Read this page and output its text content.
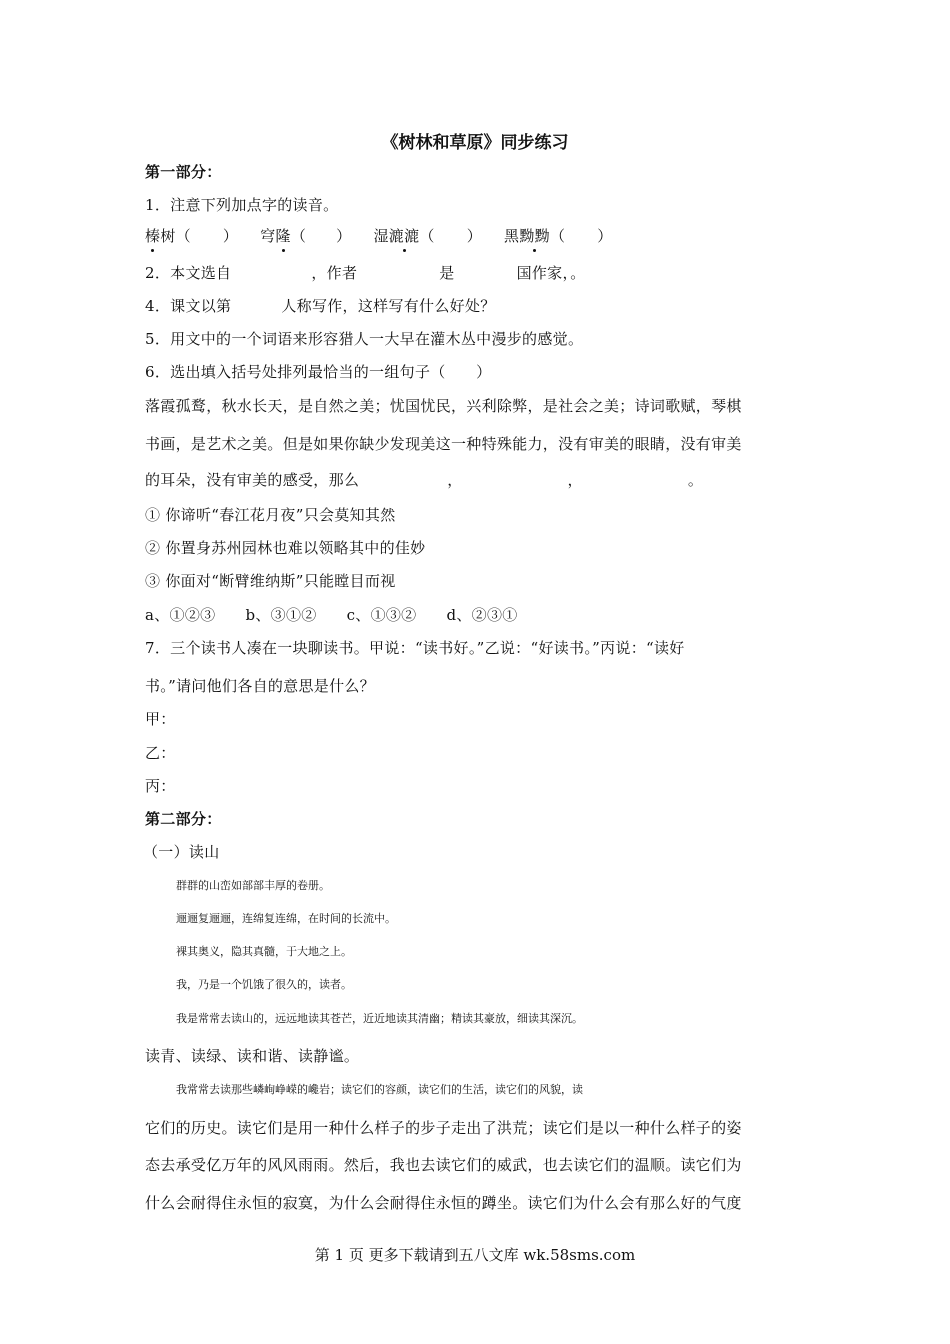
《树林和草原》同步练习
第一部分：
1．注意下列加点字的读音。
榛树（ ） 穹隆（ ） 湿漉漉（ ） 黑黝黝（ ）
2．本文选自	，作者	是	国作家，。
4．课文以第	人称写作，这样写有什么好处？
5．用文中的一个词语来形容猎人一大早在灌木丛中漫步的感觉。
6．选出填入括号处排列最恰当的一组句子（　　）
落霞孤鹜，秋水长天，是自然之美；忧国忧民，兴利除弊，是社会之美；诗词歌赋，琴棋
书画，是艺术之美。但是如果你缺少发现美这一种特殊能力，没有审美的眼睛，没有审美
的耳朵，没有审美的感受，那么	，	，	。
① 你谛听“春江花月夜”只会莫知其然
② 你置身苏州园林也难以领略其中的佳妙
③ 你面对“断臂维纳斯”只能瞠目而视
a、①②③ b、③①② c、①③② d、②③①
7．三个读书人凑在一块聊读书。甲说：“读书好。”乙说：“好读书。”丙说：“读好
书。”请问他们各自的意思是什么？
甲：
乙：
丙：
第二部分：
（一）读山
群群的山峦如部部丰厚的卷册。
逦逦复逦逦，连绵复连绵，在时间的长流中。
裸其奥义，隐其真髓，于大地之上。
我，乃是一个饥饿了很久的，读者。
我是常常去读山的，远远地读其苍芒，近近地读其清幽；精读其豪放，细读其深沉。
读青、读绿、读和谐、读静谧。
我常常去读那些嶙峋峥嵘的巉岩；读它们的容颜，读它们的生活，读它们的风貌，读
它们的历史。读它们是用一种什么样子的步子走出了洪荒；读它们是以一种什么样子的姿
态去承受亿万年的风风雨雨。然后，我也去读它们的威武，也去读它们的温顺。读它们为
什么会耐得住永恒的寂寞，为什么会耐得住永恒的蹲坐。读它们为什么会有那么好的气度
第 1 页 更多下载请到五八文库 wk.58sms.com
